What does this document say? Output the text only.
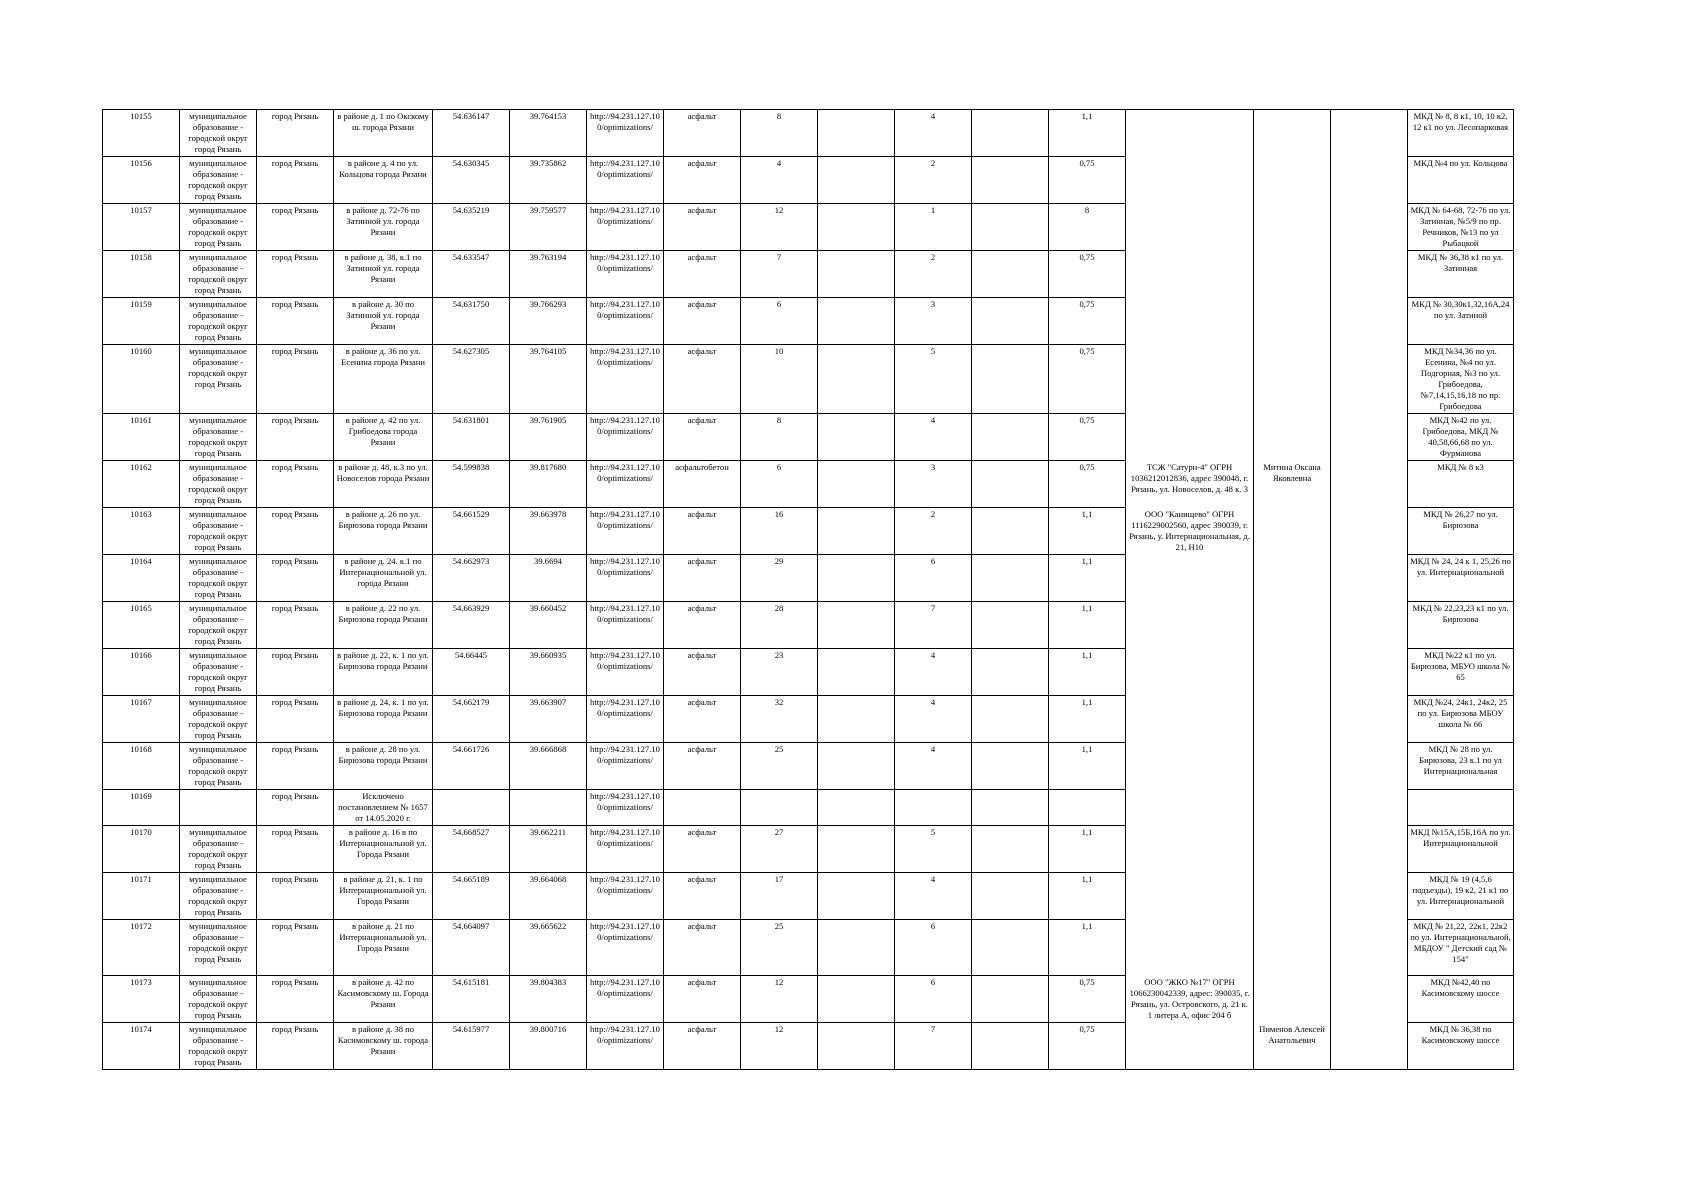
10155	муниципальное образование - городской округ город Рязань	город Рязань	в районе д. 1 по Окскому ш. города Рязани	54.636147	39.764153	http://94.231.127.100/optimizations/	асфальт	8		4		1,1				МКД № 8, 8 к1, 10, 10 к2, 12 к1 по ул. Лесопарковая
10156	муниципальное образование - городской округ город Рязань	город Рязань	в районе д. 4 по ул. Кольцова города Рязани	54.630345	39.735862	http://94.231.127.100/optimizations/	асфальт	4		2		0,75				МКД №4 по ул. Кольцова
10157	муниципальное образование - городской округ город Рязань	город Рязань	в районе д. 72-76 по Затинной ул. города Рязани	54.635219	39.759577	http://94.231.127.100/optimizations/	асфальт	12		1		8				МКД № 64-68, 72-76 по ул. Затинная, №5/9 по пр. Речников, №13 по ул Рыбацкой
10158	муниципальное образование - городской округ город Рязань	город Рязань	в районе д. 38, к.1 по Затинной ул. города Рязани	54.633547	39.763194	http://94.231.127.100/optimizations/	асфальт	7		2		0,75				МКД № 36,38 к1 по ул. Затинная
10159	муниципальное образование - городской округ город Рязань	город Рязань	в районе д. 30 по Затинной ул. города Рязани	54.631750	39.766293	http://94.231.127.100/optimizations/	асфальт	6		3		0,75				МКД № 30,30к1,32,16А,24 по ул. Затиной
10160	муниципальное образование - городской округ город Рязань	город Рязань	в районе д. 36 по ул. Есенина города Рязани	54.627305	39.764105	http://94.231.127.100/optimizations/	асфальт	10		5		0,75				МКД №34,36 по ул. Есенина, №4 по ул. Подгорная, №3 по ул. Грибоедова, №7,14,15,16,18 по пр. Грибоедова
10161	муниципальное образование - городской округ город Рязань	город Рязань	в районе д. 42 по ул. Грибоедова города Рязани	54.631801	39.761905	http://94.231.127.100/optimizations/	асфальт	8		4		0,75				МКД №42 по ул. Грибоедова, МКД № 40,58,66,68 по ул. Фурманова
10162	муниципальное образование - городской округ город Рязань	город Рязань	в районе д. 48, к.3 по ул. Новоселов города Рязани	54.599838	39.817680	http://94.231.127.100/optimizations/	асфальтобетон	6		3		0,75	ТСЖ "Сатурн-4" ОГРН 1036212012836, адрес 390048, г. Рязань, ул. Новоселов, д. 48 к. 3	Митина Оксана Яковлевна		МКД № 8 к3
10163	муниципальное образование - городской округ город Рязань	город Рязань	в районе д. 26 по ул. Бирюзова города Рязани	54.661529	39.663978	http://94.231.127.100/optimizations/	асфальт	16		2		1,1	ООО "Канищево" ОГРН 1116229002560, адрес 390039, г. Рязань, у. Интернациональная, д. 21, Н10			МКД № 26,27 по ул. Бирюзова
10164	муниципальное образование - городской округ город Рязань	город Рязань	в районе д. 24. к.1 по Интернациональной ул. города Рязани	54.662973	39.6694	http://94.231.127.100/optimizations/	асфальт	29		6		1,1				МКД № 24, 24 к 1, 25,26 по ул. Интернациональной
10165	муниципальное образование - городской округ город Рязань	город Рязань	в районе д. 22 по ул. Бирюзова города Рязани	54.663929	39.660452	http://94.231.127.100/optimizations/	асфальт	28		7		1,1				МКД № 22,23,23 к1 по ул. Бирюзова
10166	муниципальное образование - городской округ город Рязань	город Рязань	в районе д. 22, к. 1 по ул. Бирюзова города Рязани	54.66445	39.660935	http://94.231.127.100/optimizations/	асфальт	23		4		1,1				МКД №22 к1 по ул. Бирюзова, МБУО школа № 65
10167	муниципальное образование - городской округ город Рязань	город Рязань	в районе д. 24, к. 1 по ул. Бирюзова города Рязани	54.662179	39.663907	http://94.231.127.100/optimizations/	асфальт	32		4		1,1				МКД №24, 24к1, 24к2, 25 по ул. Бирюзова МБОУ школа № 66
10168	муниципальное образование - городской округ город Рязань	город Рязань	в районе д. 28 по ул. Бирюзова города Рязани	54.661726	39.666868	http://94.231.127.100/optimizations/	асфальт	25		4		1,1				МКД № 28 по ул. Бирюзова, 23 к.1 по ул Интернациональная
10169		город Рязань	Исключено постановлением № 1657 от 14.05.2020 г.			http://94.231.127.100/optimizations/										
10170	муниципальное образование - городской округ город Рязань	город Рязань	в районе д. 16 в по Интернациональной ул. Города Рязани	54.668527	39.662211	http://94.231.127.100/optimizations/	асфальт	27		5		1,1				МКД №15А,15Б,16А по ул. Интернациональной
10171	муниципальное образование - городской округ город Рязань	город Рязань	в районе д. 21, к. 1 по Интернациональной ул. Города Рязани	54.665189	39.664068	http://94.231.127.100/optimizations/	асфальт	17		4		1,1				МКД № 19 (4,5,6 подъезды), 19 к2, 21 к1 по ул. Интернациональной
10172	муниципальное образование - городской округ город Рязань	город Рязань	в районе д. 21 по Интернациональной ул. Города Рязани	54.664097	39.665622	http://94.231.127.100/optimizations/	асфальт	25		6		1,1				МКД № 21,22, 22к1, 22к2 по ул. Интернациональной, МБДОУ " Детский сад № 154"
10173	муниципальное образование - городской округ город Рязань	город Рязань	в районе д. 42 по Касимовскому ш. Города Рязани	54.615181	39.804383	http://94.231.127.100/optimizations/	асфальт	12		6		0,75	ООО "ЖКО №17" ОГРН 1066230042339, адрес: 390035, г. Рязань, ул. Островского, д. 21 к. 1 литера А, офис 204 б			МКД №42,40 по Касимовскому шоссе
10174	муниципальное образование - городской округ город Рязань	город Рязань	в районе д. 38 по Касимовскому ш. города Рязани	54.615977	39.800716	http://94.231.127.100/optimizations/	асфальт	12		7		0,75		Пименов Алексей Анатольевич		МКД № 36,38 по Касимовскому шоссе
